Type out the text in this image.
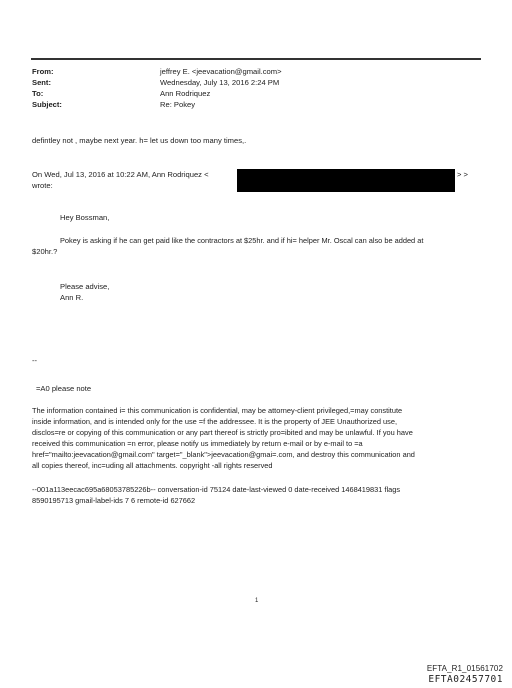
From:	jeffrey E. <jeevacation@gmail.com>
Sent:	Wednesday, July 13, 2016 2:24 PM
To:	Ann Rodriquez
Subject:	Re: Pokey
defintley not , maybe next year. h= let us down too many times,.
On Wed, Jul 13, 2016 at 10:22 AM, Ann Rodriquez <	> >
wrote:
Hey Bossman,
Pokey is asking if he can get paid like the contractors at $25hr. and if hi= helper Mr. Oscal can also be added at
$20hr.?
Please advise,
Ann R.
--
=A0 please note
The information contained i= this communication is confidential, may be attorney-client privileged,=may constitute
inside information, and is intended only for the use =f the addressee. It is the property of JEE Unauthorized use,
disclos=re or copying of this communication or any part thereof is strictly pro=ibited and may be unlawful. If you have
received this communication =n error, please notify us immediately by return e-mail or by e-mail to =a
href="mailto:jeevacation@gmail.com" target="_blank">jeevacation@gmai=.com, and destroy this communication and
all copies thereof, inc=uding all attachments. copyright -all rights reserved
--001a113eecac695a68053785226b-- conversation-id 75124 date-last-viewed 0 date-received 1468419831 flags
8590195713 gmail-label-ids 7 6 remote-id 627662
1
EFTA_R1_01561702
EFTA02457701
